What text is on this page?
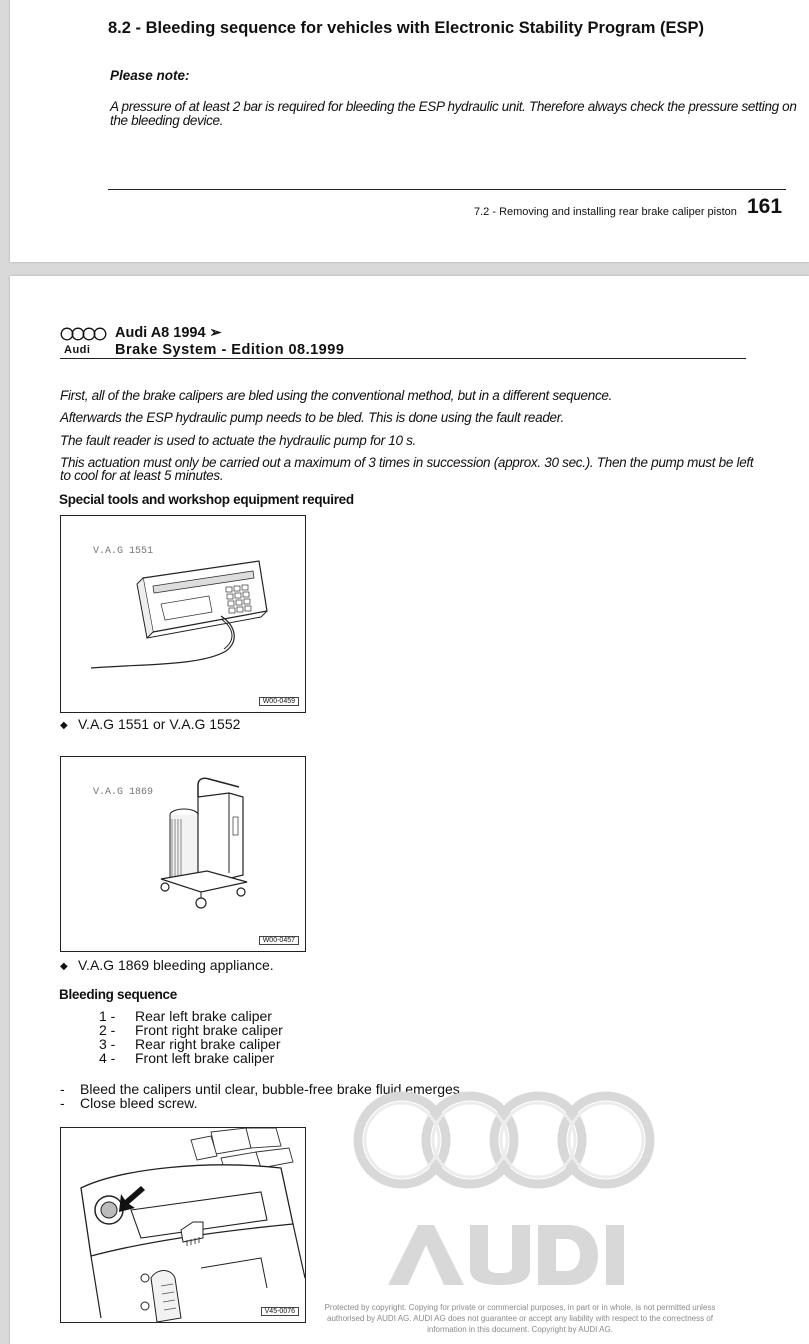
8.2 - Bleeding sequence for vehicles with Electronic Stability Program (ESP)
Please note:
A pressure of at least 2 bar is required for bleeding the ESP hydraulic unit. Therefore always check the pressure setting on the bleeding device.
7.2 - Removing and installing rear brake caliper piston 161
Audi A8 1994 ➢
Audi Brake System - Edition 08.1999
First, all of the brake calipers are bled using the conventional method, but in a different sequence.
Afterwards the ESP hydraulic pump needs to be bled. This is done using the fault reader.
The fault reader is used to actuate the hydraulic pump for 10 s.
This actuation must only be carried out a maximum of 3 times in succession (approx. 30 sec.). Then the pump must be left to cool for at least 5 minutes.
Special tools and workshop equipment required
V.A.G 1551
W00-0459
◆ V.A.G 1551 or V.A.G 1552
V.A.G 1869
W00-0457
◆ V.A.G 1869 bleeding appliance.
Bleeding sequence
1 -	Rear left brake caliper
2 -	Front right brake caliper
3 -	Rear right brake caliper
4 -	Front left brake caliper
-	Bleed the calipers until clear, bubble-free brake fluid emerges.
-	Close bleed screw.
V45-0076	Protected by copyright. Copying for private or commercial purposes, in part or in whole, is not permitted unless authorised by AUDI AG. AUDI AG does not guarantee or accept any liability with respect to the correctness of information in this document. Copyright by AUDI AG.
